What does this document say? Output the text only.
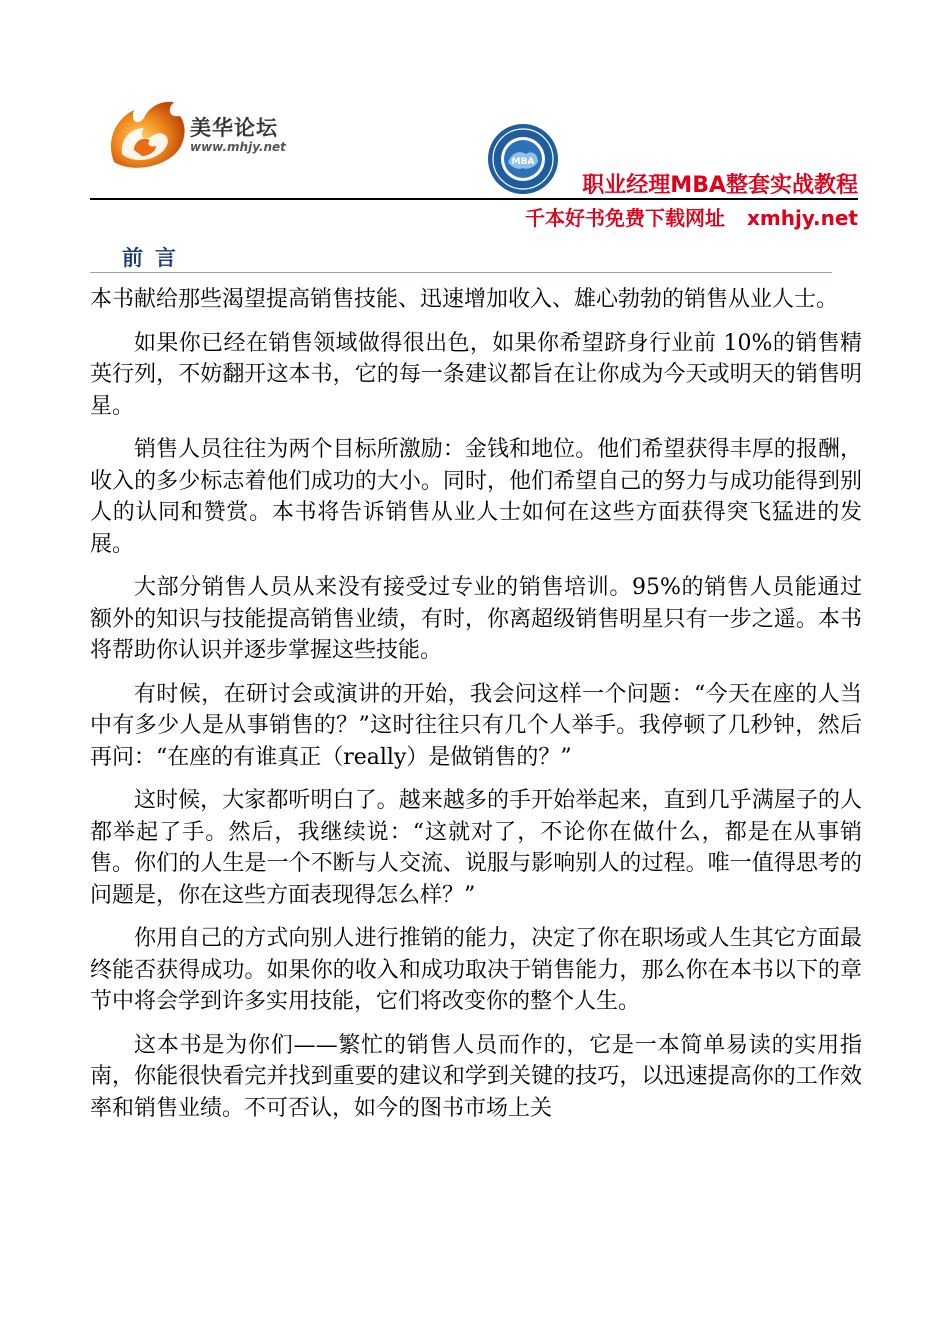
美华论坛
www.mhjy.net
MBA
职业经理MBA整套实战教程
千本好书免费下载网址 xmhjy.net
前言

本书献给那些渴望提高销售技能、迅速增加收入、雄心勃勃的销售从业人士。

如果你已经在销售领域做得很出色，如果你希望跻身行业前 10%的销售精英行列，不妨翻开这本书，它的每一条建议都旨在让你成为今天或明天的销售明星。

销售人员往往为两个目标所激励：金钱和地位。他们希望获得丰厚的报酬，收入的多少标志着他们成功的大小。同时，他们希望自己的努力与成功能得到别人的认同和赞赏。本书将告诉销售从业人士如何在这些方面获得突飞猛进的发展。

大部分销售人员从来没有接受过专业的销售培训。95%的销售人员能通过额外的知识与技能提高销售业绩，有时，你离超级销售明星只有一步之遥。本书将帮助你认识并逐步掌握这些技能。

有时候，在研讨会或演讲的开始，我会问这样一个问题：“今天在座的人当中有多少人是从事销售的？”这时往往只有几个人举手。我停顿了几秒钟，然后再问：“在座的有谁真正（really）是做销售的？”

这时候，大家都听明白了。越来越多的手开始举起来，直到几乎满屋子的人都举起了手。然后，我继续说：“这就对了，不论你在做什么，都是在从事销售。你们的人生是一个不断与人交流、说服与影响别人的过程。唯一值得思考的问题是，你在这些方面表现得怎么样？”

你用自己的方式向别人进行推销的能力，决定了你在职场或人生其它方面最终能否获得成功。如果你的收入和成功取决于销售能力，那么你在本书以下的章节中将会学到许多实用技能，它们将改变你的整个人生。

这本书是为你们——繁忙的销售人员而作的，它是一本简单易读的实用指南，你能很快看完并找到重要的建议和学到关键的技巧，以迅速提高你的工作效率和销售业绩。不可否认，如今的图书市场上关
